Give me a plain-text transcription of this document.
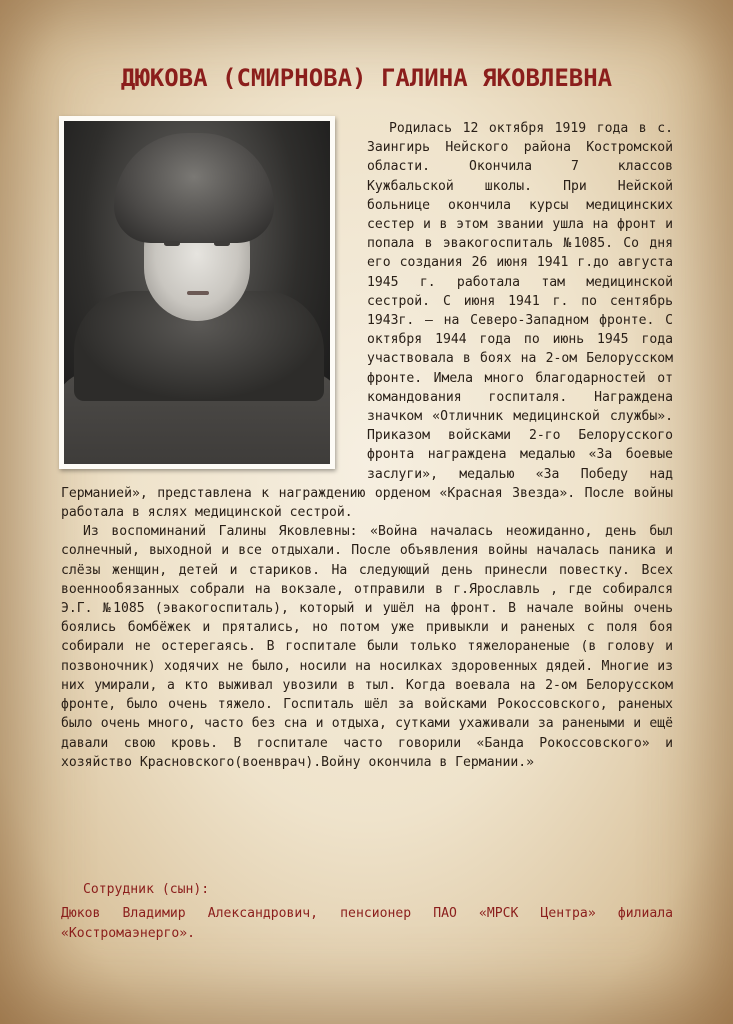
ДЮКОВА (СМИРНОВА) ГАЛИНА ЯКОВЛЕВНА

Родилась 12 октября 1919 года в с. Заингирь Нейского района Костромской области. Окончила 7 классов Кужбальской школы. При Нейской больнице окончила курсы медицинских сестер и в этом звании ушла на фронт и попала в эвакогоспиталь №1085. Со дня его создания 26 июня 1941 г.до августа 1945 г. работала там медицинской сестрой. С июня 1941 г. по сентябрь 1943г. – на Северо-Западном фронте. С октября 1944 года по июнь 1945 года участвовала в боях на 2-ом Белорусском фронте. Имела много благодарностей от командования госпиталя. Награждена значком «Отличник медицинской службы». Приказом войсками 2-го Белорусского фронта награждена медалью «За боевые заслуги», медалью «За Победу над Германией», представлена к награждению орденом «Красная Звезда». После войны работала в яслях медицинской сестрой.

Из воспоминаний Галины Яковлевны: «Война началась неожиданно, день был солнечный, выходной и все отдыхали. После объявления войны началась паника и слёзы женщин, детей и стариков. На следующий день принесли повестку. Всех военнообязанных собрали на вокзале, отправили в г.Ярославль , где собирался Э.Г. №1085 (эвакогоспиталь), который и ушёл на фронт. В начале войны очень боялись бомбёжек и прятались, но потом уже привыкли и раненых с поля боя собирали не остерегаясь. В госпитале были только тяжелораненые (в голову и позвоночник) ходячих не было, носили на носилках здоровенных дядей. Многие из них умирали, а кто выживал увозили в тыл. Когда воевала на 2-ом Белорусском фронте, было очень тяжело. Госпиталь шёл за войсками Рокоссовского, раненых было очень много, часто без сна и отдыха, сутками ухаживали за ранеными и ещё давали свою кровь. В госпитале часто говорили «Банда Рокоссовского» и хозяйство Красновского(военврач).Войну окончила в Германии.»

Сотрудник (сын):

Дюков Владимир Александрович, пенсионер ПАО «МРСК Центра» филиала «Костромаэнерго».
